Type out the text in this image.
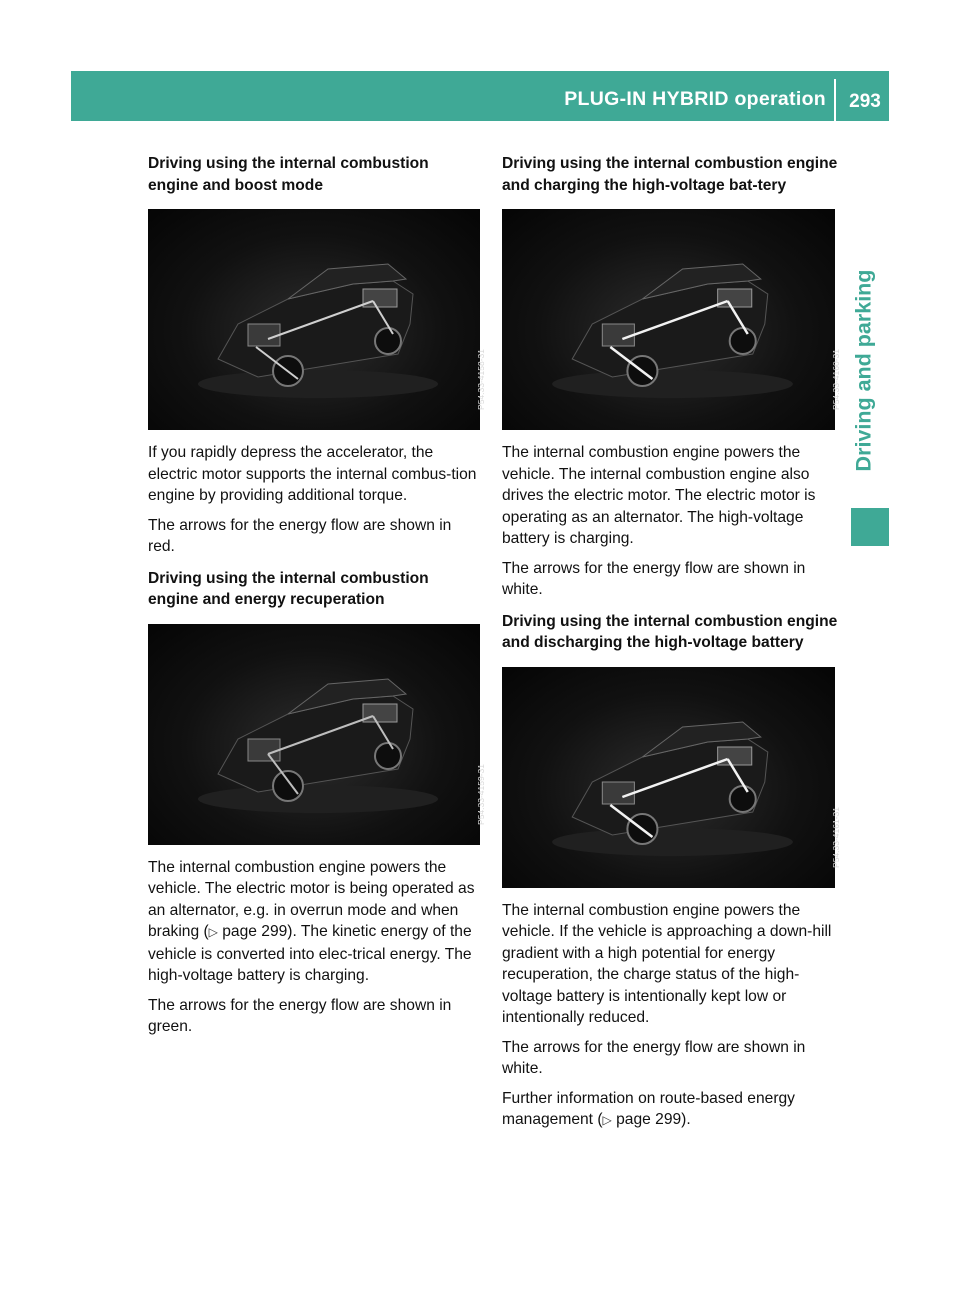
PLUG-IN HYBRID operation	293
Driving and parking

Driving using the internal combustion engine and boost mode

P54.33-4158-31

If you rapidly depress the accelerator, the electric motor supports the internal combus-tion engine by providing additional torque.

The arrows for the energy flow are shown in red.

Driving using the internal combustion engine and energy recuperation

P54.33-4159-31

The internal combustion engine powers the vehicle. The electric motor is being operated as an alternator, e.g. in overrun mode and when braking (▷ page 299). The kinetic energy of the vehicle is converted into elec-trical energy. The high-voltage battery is charging.

The arrows for the energy flow are shown in green.

Driving using the internal combustion engine and charging the high-voltage bat-tery

P54.33-4160-31

The internal combustion engine powers the vehicle. The internal combustion engine also drives the electric motor. The electric motor is operating as an alternator. The high-voltage battery is charging.

The arrows for the energy flow are shown in white.

Driving using the internal combustion engine and discharging the high-voltage battery

P54.33-4161-31

The internal combustion engine powers the vehicle. If the vehicle is approaching a down-hill gradient with a high potential for energy recuperation, the charge status of the high-voltage battery is intentionally kept low or intentionally reduced.

The arrows for the energy flow are shown in white.

Further information on route-based energy management (▷ page 299).
